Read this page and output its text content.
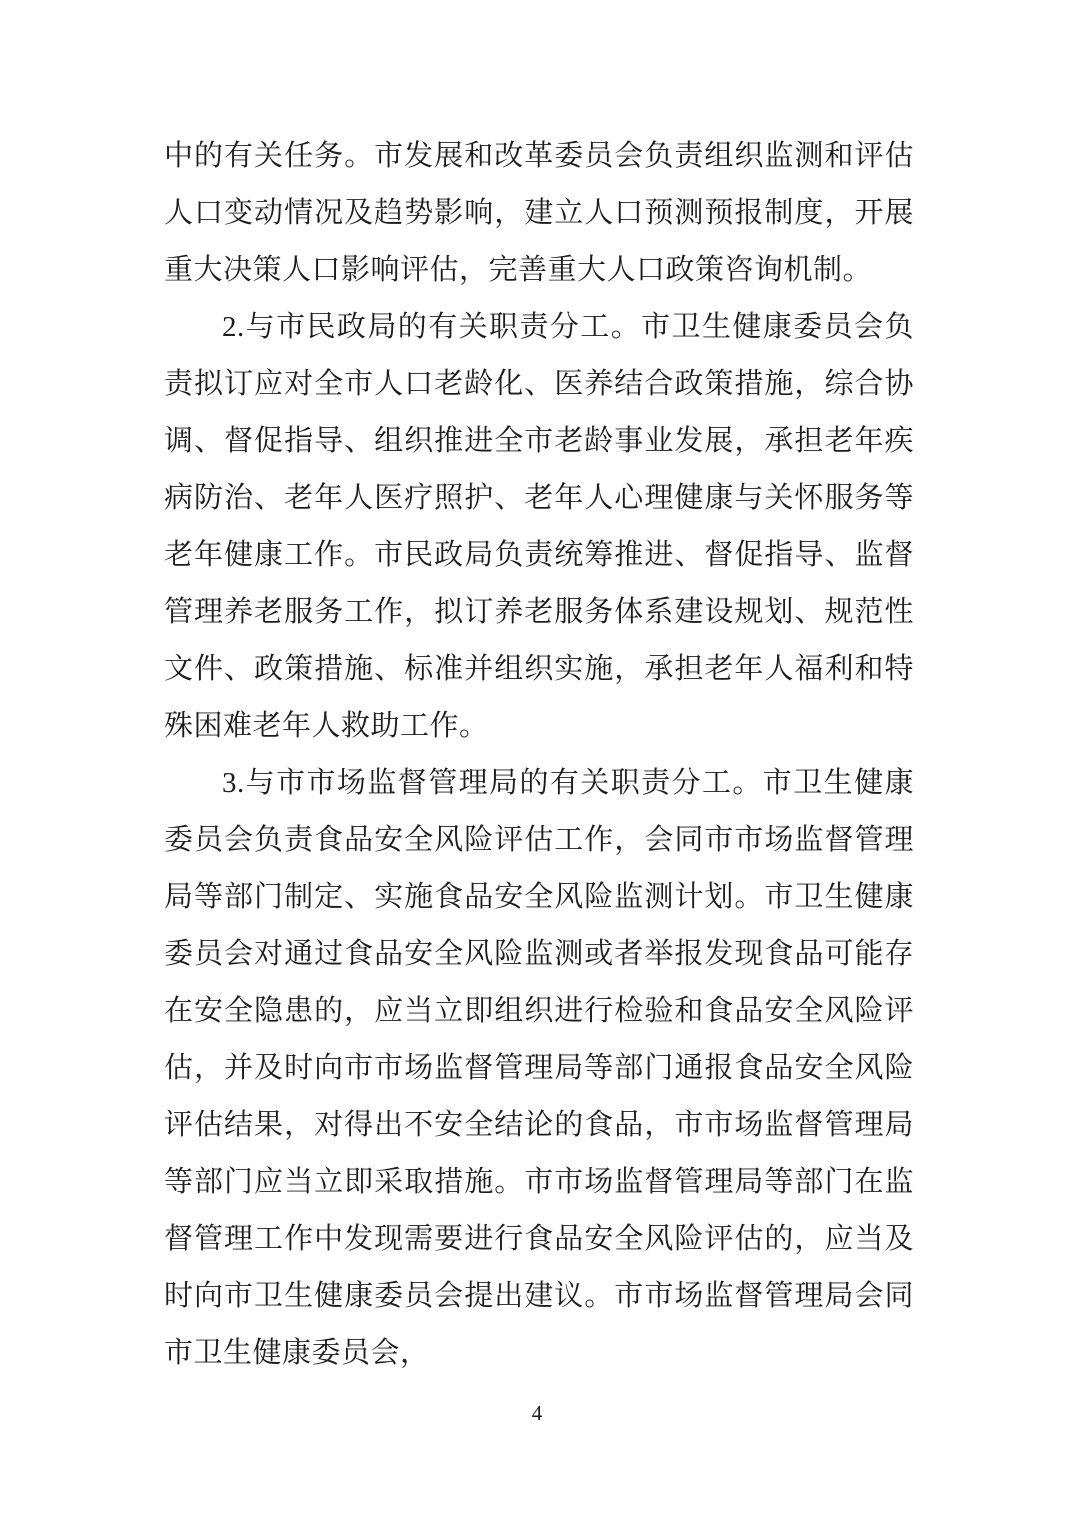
中的有关任务。市发展和改革委员会负责组织监测和评估人口变动情况及趋势影响，建立人口预测预报制度，开展重大决策人口影响评估，完善重大人口政策咨询机制。

2.与市民政局的有关职责分工。市卫生健康委员会负责拟订应对全市人口老龄化、医养结合政策措施，综合协调、督促指导、组织推进全市老龄事业发展，承担老年疾病防治、老年人医疗照护、老年人心理健康与关怀服务等老年健康工作。市民政局负责统筹推进、督促指导、监督管理养老服务工作，拟订养老服务体系建设规划、规范性文件、政策措施、标准并组织实施，承担老年人福利和特殊困难老年人救助工作。

3.与市市场监督管理局的有关职责分工。市卫生健康委员会负责食品安全风险评估工作，会同市市场监督管理局等部门制定、实施食品安全风险监测计划。市卫生健康委员会对通过食品安全风险监测或者举报发现食品可能存在安全隐患的，应当立即组织进行检验和食品安全风险评估，并及时向市市场监督管理局等部门通报食品安全风险评估结果，对得出不安全结论的食品，市市场监督管理局等部门应当立即采取措施。市市场监督管理局等部门在监督管理工作中发现需要进行食品安全风险评估的，应当及时向市卫生健康委员会提出建议。市市场监督管理局会同市卫生健康委员会，

4
